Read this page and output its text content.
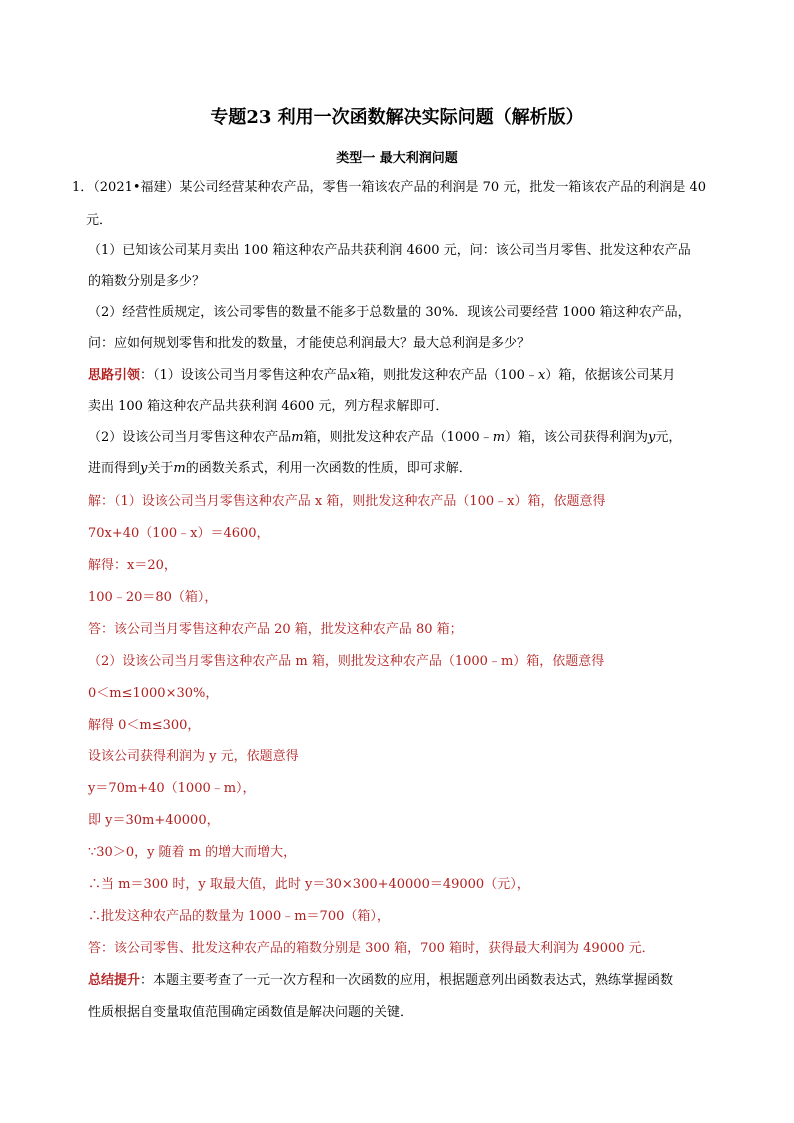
专题23 利用一次函数解决实际问题（解析版）
类型一 最大利润问题
1．（2021•福建）某公司经营某种农产品，零售一箱该农产品的利润是 70 元，批发一箱该农产品的利润是 40
元．
（1）已知该公司某月卖出 100 箱这种农产品共获利润 4600 元，问：该公司当月零售、批发这种农产品
的箱数分别是多少？
（2）经营性质规定，该公司零售的数量不能多于总数量的 30%．现该公司要经营 1000 箱这种农产品，
问：应如何规划零售和批发的数量，才能使总利润最大？最大总利润是多少？
思路引领：（1）设该公司当月零售这种农产品x箱，则批发这种农产品（100﹣x）箱，依据该公司某月
卖出 100 箱这种农产品共获利润 4600 元，列方程求解即可．
（2）设该公司当月零售这种农产品m箱，则批发这种农产品（1000﹣m）箱，该公司获得利润为y元，
进而得到y关于m的函数关系式，利用一次函数的性质，即可求解．
解：（1）设该公司当月零售这种农产品 x 箱，则批发这种农产品（100﹣x）箱，依题意得
70x+40（100﹣x）＝4600，
解得：x＝20，
100﹣20＝80（箱），
答：该公司当月零售这种农产品 20 箱，批发这种农产品 80 箱；
（2）设该公司当月零售这种农产品 m 箱，则批发这种农产品（1000﹣m）箱，依题意得
0＜m≤1000×30%，
解得 0＜m≤300，
设该公司获得利润为 y 元，依题意得
y＝70m+40（1000﹣m），
即 y＝30m+40000，
∵30＞0，y 随着 m 的增大而增大，
∴当 m＝300 时，y 取最大值，此时 y＝30×300+40000＝49000（元），
∴批发这种农产品的数量为 1000﹣m＝700（箱），
答：该公司零售、批发这种农产品的箱数分别是 300 箱，700 箱时，获得最大利润为 49000 元．
总结提升：本题主要考查了一元一次方程和一次函数的应用，根据题意列出函数表达式，熟练掌握函数
性质根据自变量取值范围确定函数值是解决问题的关键．
